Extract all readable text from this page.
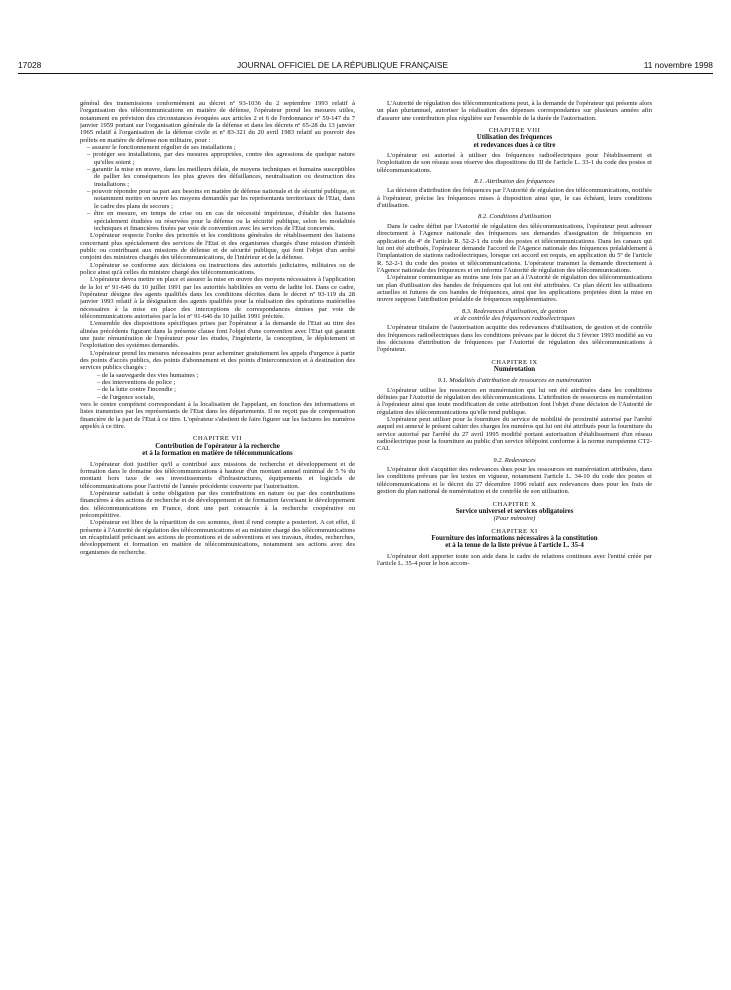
17028	JOURNAL OFFICIEL DE LA RÉPUBLIQUE FRANÇAISE	11 novembre 1998

général des transmissions conformément au décret nº 93-1036 du 2 septembre 1993 relatif à l'organisation des télécommunications en matière de défense, l'opérateur prend les mesures utiles, notamment en prévision des circonstances évoquées aux articles 2 et 6 de l'ordonnance nº 59-147 du 7 janvier 1959 portant sur l'organisation générale de la défense et dans les décrets nº 65-28 du 13 janvier 1965 relatif à l'organisation de la défense civile et nº 83-321 du 20 avril 1983 relatif au pouvoir des préfets en matière de défense non militaire, pour :

– assurer le fonctionnement régulier de ses installations ;
– protéger ses installations, par des mesures appropriées, contre des agressions de quelque nature qu'elles soient ;
– garantir la mise en œuvre, dans les meilleurs délais, de moyens techniques et humains susceptibles de pallier les conséquences les plus graves des défaillances, neutralisation ou destruction des installations ;
– pouvoir répondre pour sa part aux besoins en matière de défense nationale et de sécurité publique, et notamment mettre en œuvre les moyens demandés par les représentants territoriaux de l'Etat, dans le cadre des plans de secours ;
– être en mesure, en temps de crise ou en cas de nécessité impérieuse, d'établir des liaisons spécialement étudiées ou réservées pour la défense ou la sécurité publique, selon les modalités techniques et financières fixées par voie de convention avec les services de l'Etat concernés.

L'opérateur respecte l'ordre des priorités et les conditions générales de rétablissement des liaisons concernant plus spécialement des services de l'Etat et des organismes chargés d'une mission d'intérêt public ou contribuant aux missions de défense et de sécurité publique, qui font l'objet d'un arrêté conjoint des ministres chargés des télécommunications, de l'intérieur et de la défense.

L'opérateur se conforme aux décisions ou instructions des autorités judiciaires, militaires ou de police ainsi qu'à celles du ministre chargé des télécommunications.

L'opérateur devra mettre en place et assurer la mise en œuvre des moyens nécessaires à l'application de la loi nº 91-646 du 10 juillet 1991 par les autorités habilitées en vertu de ladite loi. Dans ce cadre, l'opérateur désigne des agents qualifiés dans les conditions décrites dans le décret nº 93-119 du 28 janvier 1993 relatif à la désignation des agents qualifiés pour la réalisation des opérations matérielles nécessaires à la mise en place des interceptions de correspondances émises par voie de télécommunications autorisées par la loi nº 91-646 du 10 juillet 1991 précitée.

L'ensemble des dispositions spécifiques prises par l'opérateur à la demande de l'Etat au titre des alinéas précédents figurant dans la présente clause font l'objet d'une convention avec l'Etat qui garantit une juste rémunération de l'opérateur pour les études, l'ingénierie, la conception, le déploiement et l'exploitation des systèmes demandés.

L'opérateur prend les mesures nécessaires pour acheminer gratuitement les appels d'urgence à partir des points d'accès publics, des points d'abonnement et des points d'interconnexion et à destination des services publics chargés :

– de la sauvegarde des vies humaines ;
– des interventions de police ;
– de la lutte contre l'incendie ;
– de l'urgence sociale,

vers le centre compétent correspondant à la localisation de l'appelant, en fonction des informations et listes transmises par les représentants de l'Etat dans les départements. Il ne reçoit pas de compensation financière de la part de l'Etat à ce titre. L'opérateur s'abstient de faire figurer sur les factures les numéros appelés à ce titre.

CHAPITRE VII
Contribution de l'opérateur à la recherche
et à la formation en matière de télécommunications

L'opérateur doit justifier qu'il a contribué aux missions de recherche et développement et de formation dans le domaine des télécommunications à hauteur d'un montant annuel minimal de 5 % du montant hors taxe de ses investissements d'infrastructures, équipements et logiciels de télécommunications pour l'activité de l'année précédente couverte par l'autorisation.

L'opérateur satisfait à cette obligation par des contributions en nature ou par des contributions financières à des actions de recherche et de développement et de formation favorisant le développement des télécommunications en France, dont une part consacrée à la recherche coopérative ou précompétitive.

L'opérateur est libre de la répartition de ces sommes, dont il rend compte a posteriori. A cet effet, il présente à l'Autorité de régulation des télécommunications et au ministre chargé des télécommunications un récapitulatif précisant ses actions de promotions et de subventions et ses travaux, études, recherches, développement et formation en matière de télécommunications, notamment ses actions avec des organismes de recherche.

L'Autorité de régulation des télécommunications peut, à la demande de l'opérateur qui présente alors un plan pluriannuel, autoriser la réalisation des dépenses correspondantes sur plusieurs années afin d'assurer une contribution plus régulière sur l'ensemble de la durée de l'autorisation.

CHAPITRE VIII
Utilisation des fréquences
et redevances dues à ce titre

L'opérateur est autorisé à utiliser des fréquences radioélectriques pour l'établissement et l'exploitation de son réseau sous réserve des dispositions du III de l'article L. 33-1 du code des postes et télécommunications.

8.1. Attribution des fréquences

La décision d'attribution des fréquences par l'Autorité de régulation des télécommunications, notifiée à l'opérateur, précise les fréquences mises à disposition ainsi que, le cas échéant, leurs conditions d'utilisation.

8.2. Conditions d'utilisation

Dans le cadre défini par l'Autorité de régulation des télécommunications, l'opérateur peut adresser directement à l'Agence nationale des fréquences ses demandes d'assignation de fréquences en application du 4º de l'article R. 52-2-1 du code des postes et télécommunications. Dans les canaux qui lui ont été attribués, l'opérateur demande l'accord de l'Agence nationale des fréquences préalablement à l'implantation de stations radioélectriques, lorsque cet accord est requis, en application du 5º de l'article R. 52-2-1 du code des postes et télécommunications. L'opérateur transmet la demande directement à l'Agence nationale des fréquences et en informe l'Autorité de régulation des télécommunications.

L'opérateur communique au moins une fois par an à l'Autorité de régulation des télécommunications un plan d'utilisation des bandes de fréquences qui lui ont été attribuées. Ce plan décrit les utilisations actuelles et futures de ces bandes de fréquences, ainsi que les applications projetées dont la mise en œuvre suppose l'attribution préalable de fréquences supplémentaires.

8.3. Redevances d'utilisation, de gestion
et de contrôle des fréquences radioélectriques

L'opérateur titulaire de l'autorisation acquitte des redevances d'utilisation, de gestion et de contrôle des fréquences radioélectriques dans les conditions prévues par le décret du 3 février 1993 modifié au vu des décisions d'attribution de fréquences par l'Autorité de régulation des télécommunications à l'opérateur.

CHAPITRE IX
Numérotation
9.1. Modalités d'attribution de ressources en numérotation

L'opérateur utilise les ressources en numérotation qui lui ont été attribuées dans les conditions définies par l'Autorité de régulation des télécommunications. L'attribution de ressources en numérotation à l'opérateur ainsi que toute modification de cette attribution font l'objet d'une décision de l'Autorité de régulation des télécommunications qu'elle rend publique.

L'opérateur peut utiliser pour la fourniture du service de mobilité de proximité autorisé par l'arrêté auquel est annexé le présent cahier des charges les numéros qui lui ont été attribués pour la fourniture du service autorisé par l'arrêté du 27 avril 1995 modifié portant autorisation d'établissement d'un réseau radioélectrique pour la fourniture au public d'un service télépoint conforme à la norme européenne CT2-CAI.

9.2. Redevances

L'opérateur doit s'acquitter des redevances dues pour les ressources en numérotation attribuées, dans les conditions prévues par les textes en vigueur, notamment l'article L. 34-10 du code des postes et télécommunications et le décret du 27 décembre 1996 relatif aux redevances dues pour les frais de gestion du plan national de numérotation et de contrôle de son utilisation.

CHAPITRE X
Service universel et services obligatoires
(Pour mémoire)
CHAPITRE XI
Fourniture des informations nécessaires à la constitution
et à la tenue de la liste prévue à l'article L. 35-4

L'opérateur doit apporter toute son aide dans le cadre de relations continues avec l'entité créée par l'article L. 35-4 pour le bon accom-
